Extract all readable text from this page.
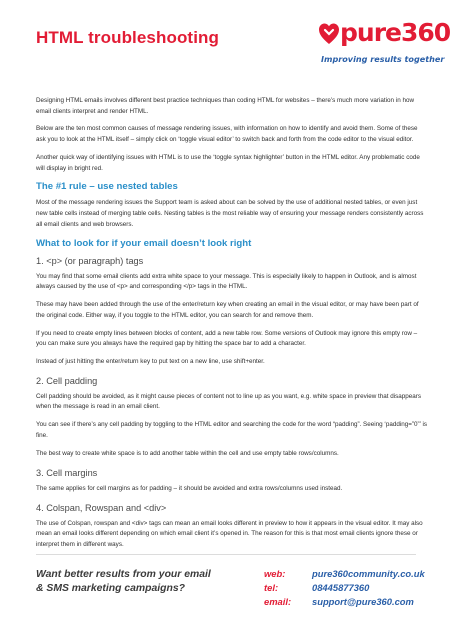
HTML troubleshooting	pure360
Improving results together

Designing HTML emails involves different best practice techniques than coding HTML for websites – there’s much more variation in how email clients interpret and render HTML.

Below are the ten most common causes of message rendering issues, with information on how to identify and avoid them. Some of these ask you to look at the HTML itself – simply click on ‘toggle visual editor’ to switch back and forth from the code editor to the visual editor.

Another quick way of identifying issues with HTML is to use the ‘toggle syntax highlighter’ button in the HTML editor. Any problematic code will display in bright red.

The #1 rule – use nested tables

Most of the message rendering issues the Support team is asked about can be solved by the use of additional nested tables, or even just new table cells instead of merging table cells. Nesting tables is the most reliable way of ensuring your message renders consistently across all email clients and web browsers.

What to look for if your email doesn’t look right
1. <p> (or paragraph) tags

You may find that some email clients add extra white space to your message. This is especially likely to happen in Outlook, and is almost always caused by the use of <p> and corresponding </p> tags in the HTML.

These may have been added through the use of the enter/return key when creating an email in the visual editor, or may have been part of the original code. Either way, if you toggle to the HTML editor, you can search for and remove them.

If you need to create empty lines between blocks of content, add a new table row. Some versions of Outlook may ignore this empty row – you can make sure you always have the required gap by hitting the space bar to add a character.

Instead of just hitting the enter/return key to put text on a new line, use shift+enter.

2. Cell padding

Cell padding should be avoided, as it might cause pieces of content not to line up as you want, e.g. white space in preview that disappears when the message is read in an email client.

You can see if there’s any cell padding by toggling to the HTML editor and searching the code for the word “padding”. Seeing ‘padding=”0”’ is fine.

The best way to create white space is to add another table within the cell and use empty table rows/columns.

3. Cell margins

The same applies for cell margins as for padding – it should be avoided and extra rows/columns used instead.

4. Colspan, Rowspan and <div>

The use of Colspan, rowspan and <div> tags can mean an email looks different in preview to how it appears in the visual editor. It may also mean an email looks different depending on which email client it’s opened in. The reason for this is that most email clients ignore these or interpret them in different ways.

Want better results from your email
& SMS marketing campaigns?
web:	pure360community.co.uk
tel:	08445877360
email:	support@pure360.com
